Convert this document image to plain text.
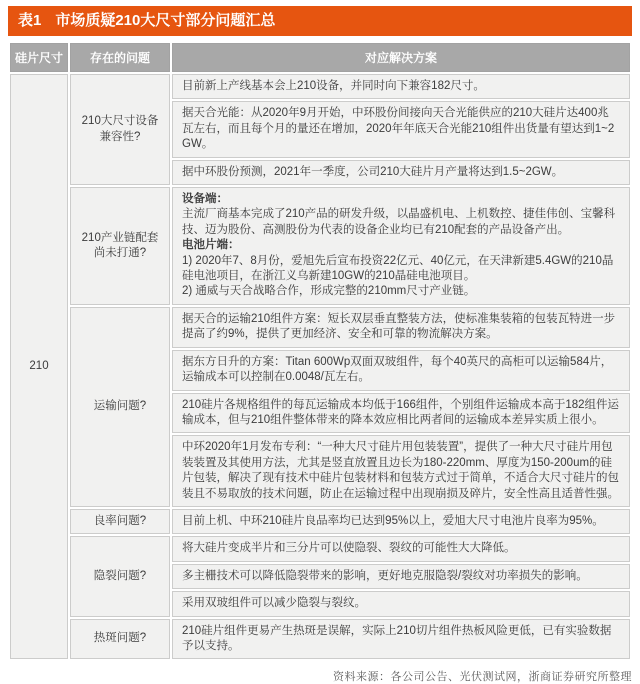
表1 市场质疑210大尺寸部分问题汇总
硅片尺寸	存在的问题	对应解决方案
210	210大尺寸设备兼容性?	目前新上产线基本会上210设备，并同时向下兼容182尺寸。
		据天合光能：从2020年9月开始，中环股份间接向天合光能供应的210大硅片达400兆瓦左右，而且每个月的量还在增加，2020年年底天合光能210组件出货量有望达到1~2GW。
		据中环股份预测，2021年一季度，公司210大硅片月产量将达到1.5~2GW。
	210产业链配套尚未打通?	设备端：
主流厂商基本完成了210产品的研发升级，以晶盛机电、上机数控、捷佳伟创、宝馨科技、迈为股份、高测股份为代表的设备企业均已有210配套的产品设备产出。
电池片端：
1) 2020年7、8月份，爱旭先后宣布投资22亿元、40亿元，在天津新建5.4GW的210晶硅电池项目，在浙江义乌新建10GW的210晶硅电池项目。
2) 通威与天合战略合作，形成完整的210mm尺寸产业链。

	运输问题?	据天合的运输210组件方案：短长双层垂直整装方法，使标准集装箱的包装瓦特进一步提高了约9%，提供了更加经济、安全和可靠的物流解决方案。
		据东方日升的方案：Titan 600Wp双面双玻组件，每个40英尺的高柜可以运输584片，运输成本可以控制在0.0048/瓦左右。
		210硅片各规格组件的每瓦运输成本均低于166组件，个别组件运输成本高于182组件运输成本，但与210组件整体带来的降本效应相比两者间的运输成本差异实质上很小。
		中环2020年1月发布专利：“一种大尺寸硅片用包装装置”，提供了一种大尺寸硅片用包装装置及其使用方法，尤其是竖直放置且边长为180-220mm、厚度为150-200um的硅片包装，解决了现有技术中硅片包装材料和包装方式过于简单，不适合大尺寸硅片的包装且不易取放的技术问题，防止在运输过程中出现崩损及碎片，安全性高且适普性强。
	良率问题?	目前上机、中环210硅片良品率均已达到95%以上，爱旭大尺寸电池片良率为95%。
	隐裂问题?	将大硅片变成半片和三分片可以使隐裂、裂纹的可能性大大降低。
		多主栅技术可以降低隐裂带来的影响，更好地克服隐裂/裂纹对功率损失的影响。
		采用双玻组件可以减少隐裂与裂纹。
	热斑问题?	210硅片组件更易产生热斑是误解，实际上210切片组件热板风险更低，已有实验数据予以支持。
资料来源：各公司公告、光伏测试网，浙商证券研究所整理
